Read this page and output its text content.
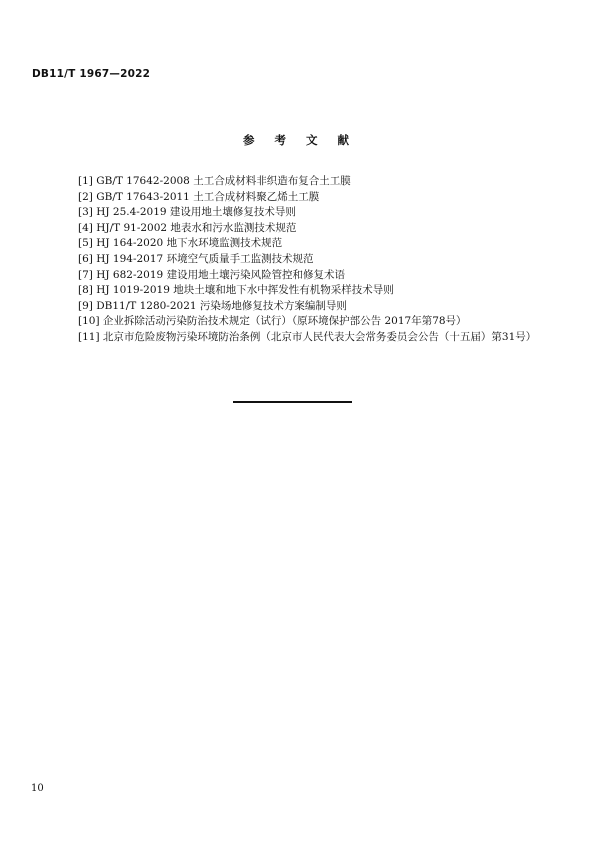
DB11/T 1967—2022
参 考 文 献
[1] GB/T 17642-2008 土工合成材料非织造布复合土工膜
[2] GB/T 17643-2011 土工合成材料聚乙烯土工膜
[3] HJ 25.4-2019 建设用地土壤修复技术导则
[4] HJ/T 91-2002 地表水和污水监测技术规范
[5] HJ 164-2020 地下水环境监测技术规范
[6] HJ 194-2017 环境空气质量手工监测技术规范
[7] HJ 682-2019 建设用地土壤污染风险管控和修复术语
[8] HJ 1019-2019 地块土壤和地下水中挥发性有机物采样技术导则
[9] DB11/T 1280-2021 污染场地修复技术方案编制导则
[10] 企业拆除活动污染防治技术规定（试行）（原环境保护部公告 2017年第78号）
[11] 北京市危险废物污染环境防治条例（北京市人民代表大会常务委员会公告（十五届）第31号）
10
